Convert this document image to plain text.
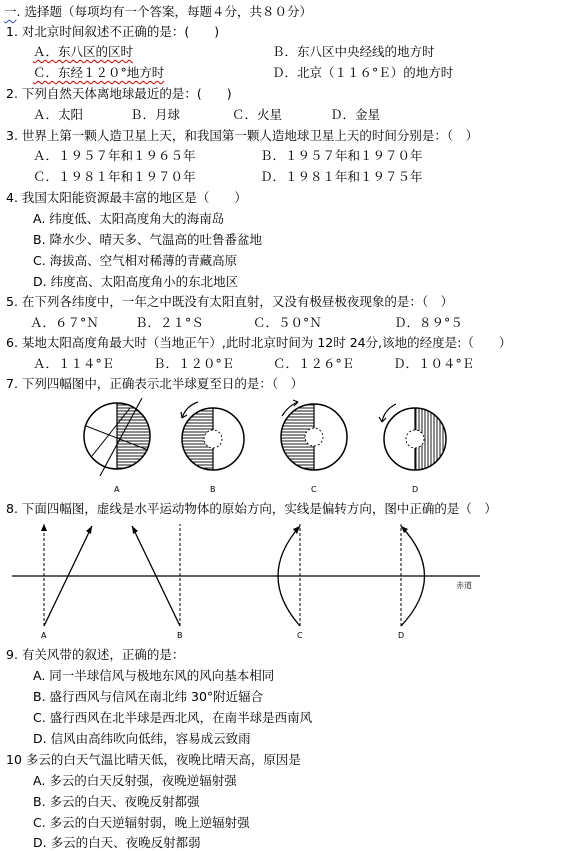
一. 选择题（每项均有一个答案，每题４分，共８０分）
1. 对北京时间叙述不正确的是：(　　)
Ａ．东八区的区时	Ｂ．东八区中央经线的地方时
Ｃ．东经１２０°地方时	Ｄ．北京（１１６°Ｅ）的地方时
2. 下列自然天体离地球最近的是：(　　)
Ａ．太阳	Ｂ．月球	Ｃ．火星	Ｄ．金星
3. 世界上第一颗人造卫星上天，和我国第一颗人造地球卫星上天的时间分别是：（　）
Ａ．１９５７年和１９６５年	Ｂ．１９５７年和１９７０年
Ｃ．１９８１年和１９７０年	Ｄ．１９８１年和１９７５年
4. 我国太阳能资源最丰富的地区是（　　）
A. 纬度低、太阳高度角大的海南岛
B. 降水少、晴天多、气温高的吐鲁番盆地
C. 海拔高、空气相对稀薄的青藏高原
D. 纬度高、太阳高度角小的东北地区
5. 在下列各纬度中，一年之中既没有太阳直射，又没有极昼极夜现象的是：（　）
Ａ．６７°Ｎ	Ｂ．２１°Ｓ	Ｃ．５０°Ｎ	Ｄ．８９°５
6. 某地太阳高度角最大时（当地正午）,此时北京时间为 12时 24分,该地的经度是:（　　）
Ａ．１１４°Ｅ	Ｂ．１２０°Ｅ	Ｃ．１２６°Ｅ	Ｄ．１０４°Ｅ
7. 下列四幅图中，正确表示北半球夏至日的是：（　）
A	B	C	D
8. 下面四幅图，虚线是水平运动物体的原始方向，实线是偏转方向，图中正确的是（　）
赤道
A	B	C	D
9. 有关风带的叙述，正确的是：
A. 同一半球信风与极地东风的风向基本相同
B. 盛行西风与信风在南北纬 30°附近辐合
C. 盛行西风在北半球是西北风，在南半球是西南风
D. 信风由高纬吹向低纬，容易成云致雨
10 多云的白天气温比晴天低，夜晚比晴天高，原因是
A. 多云的白天反射强，夜晚逆辐射强
B. 多云的白天、夜晚反射都强
C. 多云的白天逆辐射弱，晚上逆辐射强
D. 多云的白天、夜晚反射都弱
